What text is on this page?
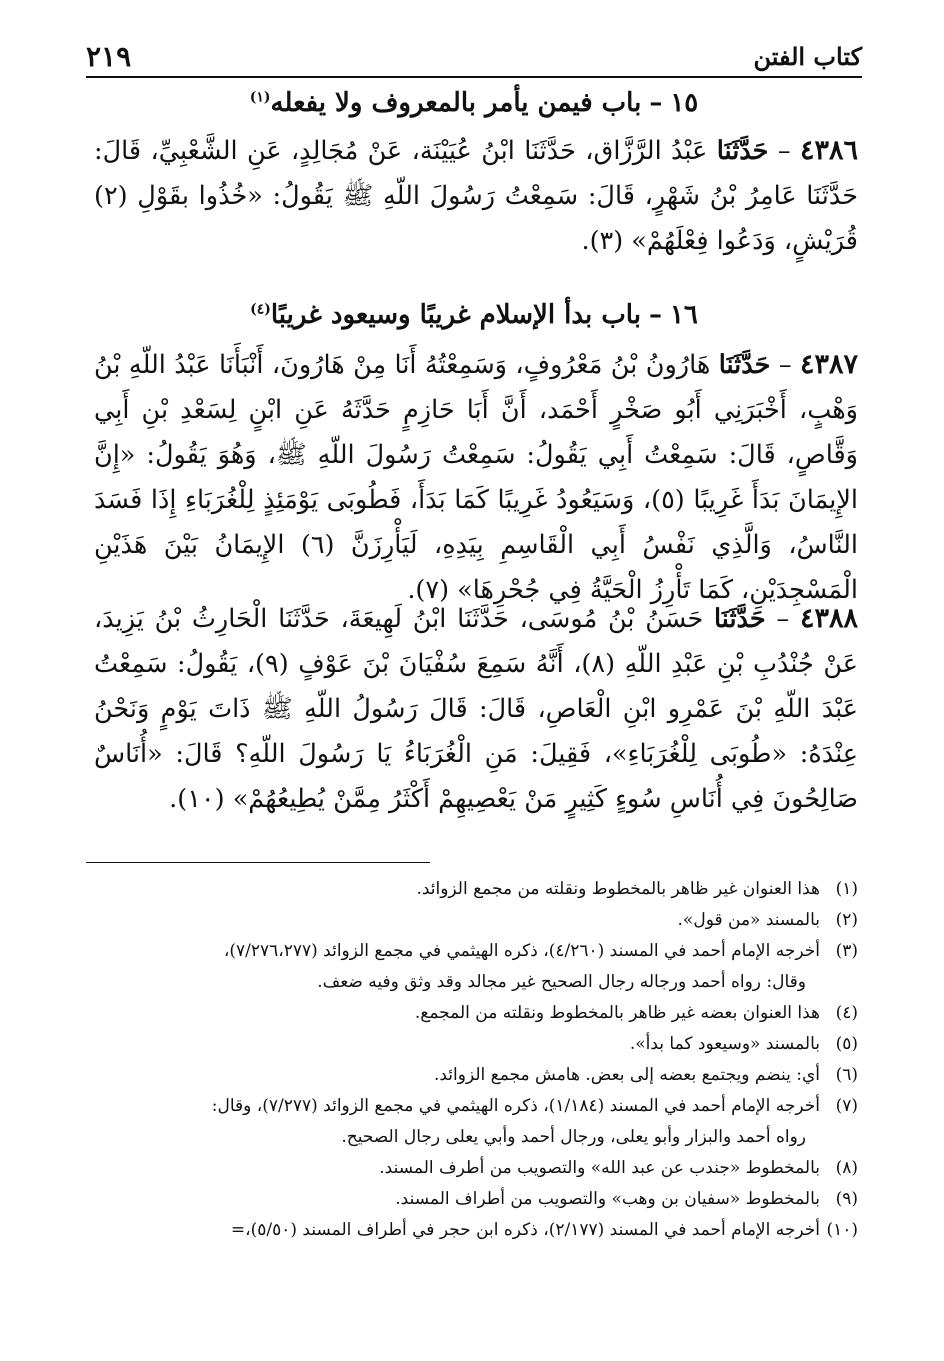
كتاب الفتن
٢١٩
١٥–باب فيمن يأمر بالمعروف ولا يفعله$^{(١)}$

٤٣٨٦ – حَدَّثَنَا عَبْدُ الرَّزَّاق، حَدَّثَنَا ابْنُ عُيَيْنَة، عَنْ مُجَالِدٍ، عَنِ الشَّعْبِيِّ، قَالَ: حَدَّثَنَا عَامِرُ بْنُ شَهْرٍ، قَالَ: سَمِعْتُ رَسُولَ اللّهِ ﷺ يَقُولُ: «خُذُوا بقَوْلِ (٢) قُرَيْشٍ، وَدَعُوا فِعْلَهُمْ» (٣).

١٦–باب بدأ الإسلام غريبًا وسيعود غريبًا$^{(٤)}$

٤٣٨٧ – حَدَّثَنَا هَارُونُ بْنُ مَعْرُوفٍ، وَسَمِعْتُهُ أَنَا مِنْ هَارُونَ، أَنْبَأَنَا عَبْدُ اللّهِ بْنُ وَهْبٍ، أَخْبَرَنِي أَبُو صَخْرٍ أَحْمَد، أَنَّ أَبَا حَازِمٍ حَدَّثَهُ عَنِ ابْنٍ لِسَعْدِ بْنِ أَبِي وَقَّاصٍ، قَالَ: سَمِعْتُ أَبِي يَقُولُ: سَمِعْتُ رَسُولَ اللّهِ ﷺ، وَهُوَ يَقُولُ: «إِنَّ الإِيمَانَ بَدَأَ غَرِيبًا (٥)، وَسَيَعُودُ غَرِيبًا كَمَا بَدَأَ، فَطُوبَى يَوْمَئِذٍ لِلْغُرَبَاءِ إِذَا فَسَدَ النَّاسُ، وَالَّذِي نَفْسُ أَبِي الْقَاسِمِ بِيَدِهِ، لَيَأْرِزَنَّ (٦) الإِيمَانُ بَيْنَ هَذَيْنِ الْمَسْجِدَيْنِ، كَمَا تَأْرِزُ الْحَيَّةُ فِي جُحْرِهَا» (٧).

٤٣٨٨ – حَدَّثَنَا حَسَنُ بْنُ مُوسَى، حَدَّثَنَا ابْنُ لَهِيعَةَ، حَدَّثَنَا الْحَارِثُ بْنُ يَزِيدَ، عَنْ جُنْدُبِ بْنِ عَبْدِ اللّهِ (٨)، أَنَّهُ سَمِعَ سُفْيَانَ بْنَ عَوْفٍ (٩)، يَقُولُ: سَمِعْتُ عَبْدَ اللّهِ بْنَ عَمْرِو ابْنِ الْعَاصِ، قَالَ: قَالَ رَسُولُ اللّهِ ﷺ ذَاتَ يَوْمٍ وَنَحْنُ عِنْدَهُ: «طُوبَى لِلْغُرَبَاءِ»، فَقِيلَ: مَنِ الْغُرَبَاءُ يَا رَسُولَ اللّهِ؟ قَالَ: «أُنَاسٌ صَالِحُونَ فِي أُنَاسِ سُوءٍ كَثِيرٍ مَنْ يَعْصِيهِمْ أَكْثَرُ مِمَّنْ يُطِيعُهُمْ» (١٠).

(١)
هذا العنوان غير ظاهر بالمخطوط ونقلته من مجمع الزوائد.

(٢)
بالمسند «من قول».

(٣)
أخرجه الإمام أحمد في المسند (٤/٢٦٠)، ذكره الهيثمي في مجمع الزوائد (٧/٢٧٦،٢٧٧)،
وقال: رواه أحمد ورجاله رجال الصحيح غير مجالد وقد وثق وفيه ضعف.

(٤)
هذا العنوان بعضه غير ظاهر بالمخطوط ونقلته من المجمع.

(٥)
بالمسند «وسيعود كما بدأ».

(٦)
أي: ينضم ويجتمع بعضه إلى بعض. هامش مجمع الزوائد.

(٧)
أخرجه الإمام أحمد في المسند (١/١٨٤)، ذكره الهيثمي في مجمع الزوائد (٧/٢٧٧)، وقال:
رواه أحمد والبزار وأبو يعلى، ورجال أحمد وأبي يعلى رجال الصحيح.

(٨)
بالمخطوط «جندب عن عبد الله» والتصويب من أطرف المسند.

(٩)
بالمخطوط «سفيان بن وهب» والتصويب من أطراف المسند.

(١٠)
أخرجه الإمام أحمد في المسند (٢/١٧٧)، ذكره ابن حجر في أطراف المسند (٥/٥٠)،=
